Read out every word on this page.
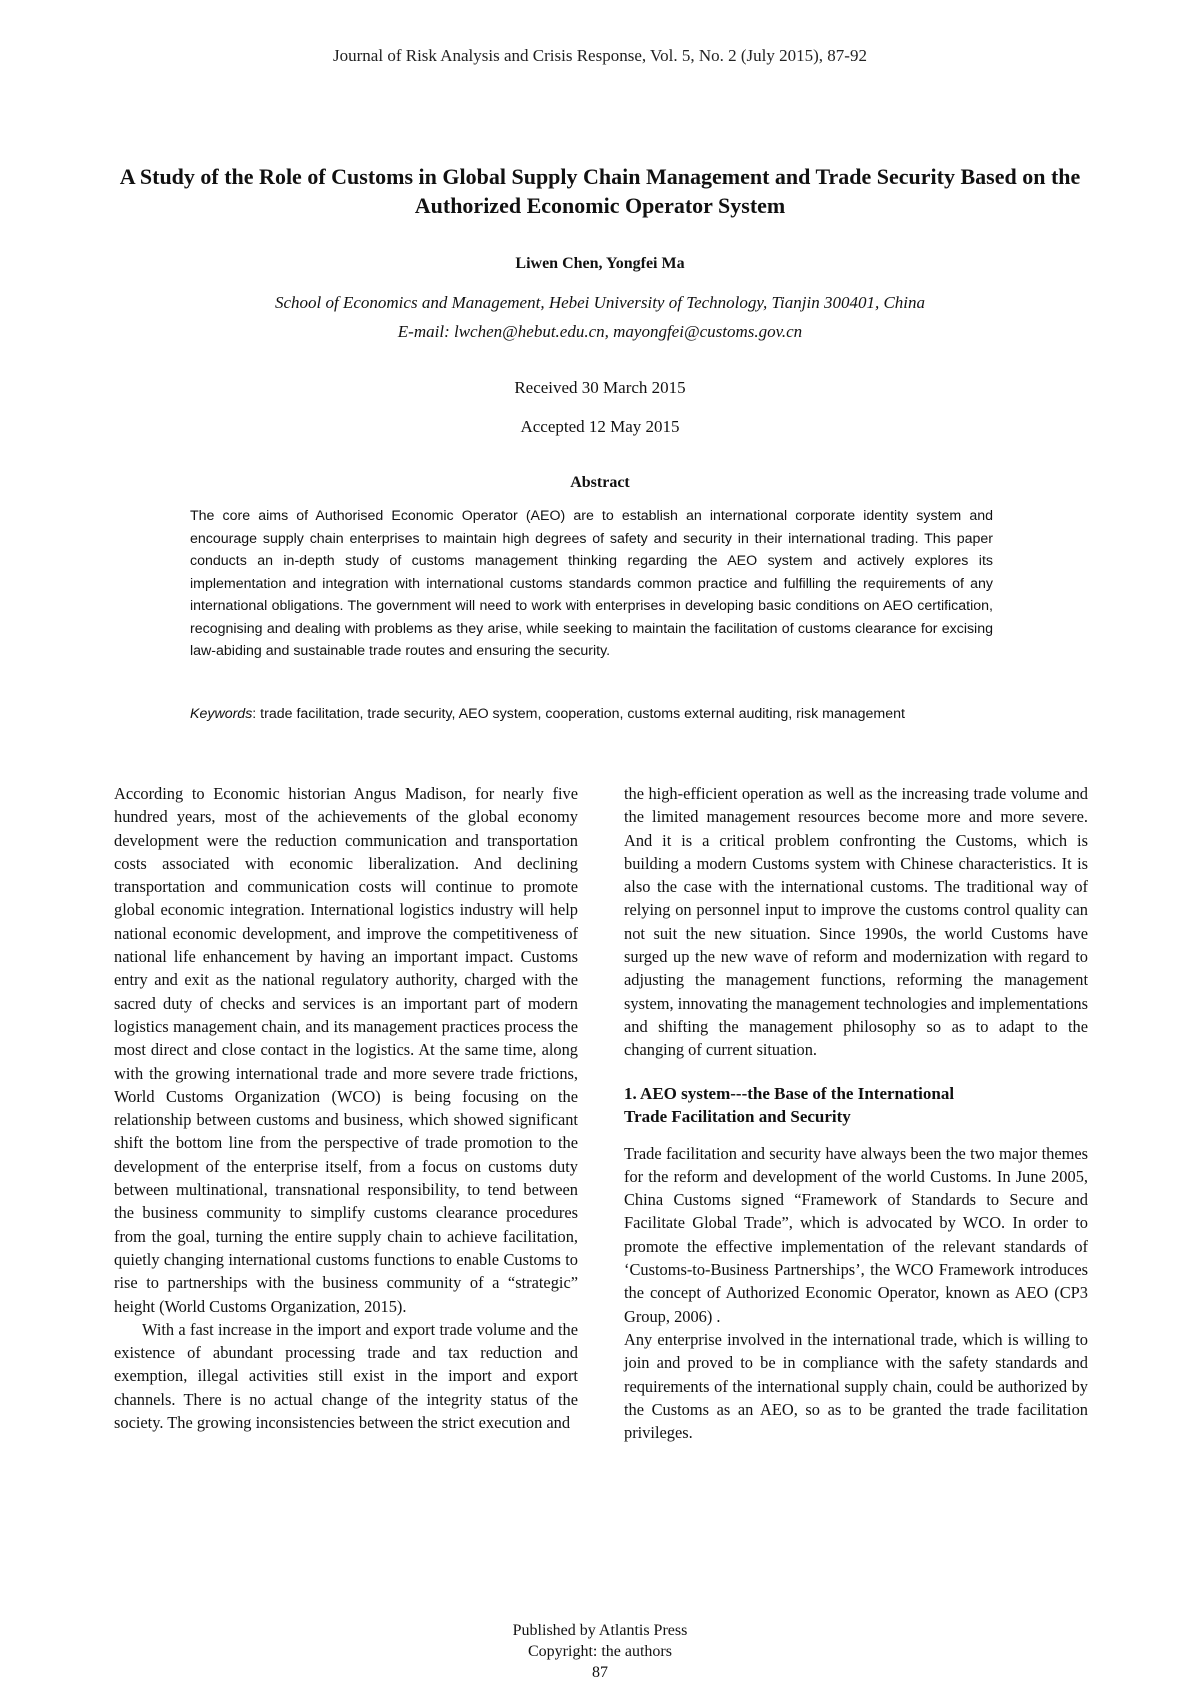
Journal of Risk Analysis and Crisis Response, Vol. 5, No. 2 (July 2015), 87-92
A Study of the Role of Customs in Global Supply Chain Management and Trade Security Based on the Authorized Economic Operator System
Liwen Chen, Yongfei Ma
School of Economics and Management, Hebei University of Technology, Tianjin 300401, China
E-mail: lwchen@hebut.edu.cn, mayongfei@customs.gov.cn
Received 30 March 2015
Accepted 12 May 2015
Abstract

The core aims of Authorised Economic Operator (AEO) are to establish an international corporate identity system and encourage supply chain enterprises to maintain high degrees of safety and security in their international trading. This paper conducts an in-depth study of customs management thinking regarding the AEO system and actively explores its implementation and integration with international customs standards common practice and fulfilling the requirements of any international obligations. The government will need to work with enterprises in developing basic conditions on AEO certification, recognising and dealing with problems as they arise, while seeking to maintain the facilitation of customs clearance for excising law-abiding and sustainable trade routes and ensuring the security.

Keywords: trade facilitation, trade security, AEO system, cooperation, customs external auditing, risk management

According to Economic historian Angus Madison, for nearly five hundred years, most of the achievements of the global economy development were the reduction communication and transportation costs associated with economic liberalization. And declining transportation and communication costs will continue to promote global economic integration. International logistics industry will help national economic development, and improve the competitiveness of national life enhancement by having an important impact. Customs entry and exit as the national regulatory authority, charged with the sacred duty of checks and services is an important part of modern logistics management chain, and its management practices process the most direct and close contact in the logistics. At the same time, along with the growing international trade and more severe trade frictions, World Customs Organization (WCO) is being focusing on the relationship between customs and business, which showed significant shift the bottom line from the perspective of trade promotion to the development of the enterprise itself, from a focus on customs duty between multinational, transnational responsibility, to tend between the business community to simplify customs clearance procedures from the goal, turning the entire supply chain to achieve facilitation, quietly changing international customs functions to enable Customs to rise to partnerships with the business community of a “strategic” height (World Customs Organization, 2015).

With a fast increase in the import and export trade volume and the existence of abundant processing trade and tax reduction and exemption, illegal activities still exist in the import and export channels. There is no actual change of the integrity status of the society. The growing inconsistencies between the strict execution and

the high-efficient operation as well as the increasing trade volume and the limited management resources become more and more severe. And it is a critical problem confronting the Customs, which is building a modern Customs system with Chinese characteristics. It is also the case with the international customs. The traditional way of relying on personnel input to improve the customs control quality can not suit the new situation. Since 1990s, the world Customs have surged up the new wave of reform and modernization with regard to adjusting the management functions, reforming the management system, innovating the management technologies and implementations and shifting the management philosophy so as to adapt to the changing of current situation.

1. AEO system---the Base of the International
Trade Facilitation and Security

Trade facilitation and security have always been the two major themes for the reform and development of the world Customs. In June 2005, China Customs signed “Framework of Standards to Secure and Facilitate Global Trade”, which is advocated by WCO. In order to promote the effective implementation of the relevant standards of ‘Customs-to-Business Partnerships’, the WCO Framework introduces the concept of Authorized Economic Operator, known as AEO (CP3 Group, 2006) .

Any enterprise involved in the international trade, which is willing to join and proved to be in compliance with the safety standards and requirements of the international supply chain, could be authorized by the Customs as an AEO, so as to be granted the trade facilitation privileges.

Published by Atlantis Press
Copyright: the authors
87
